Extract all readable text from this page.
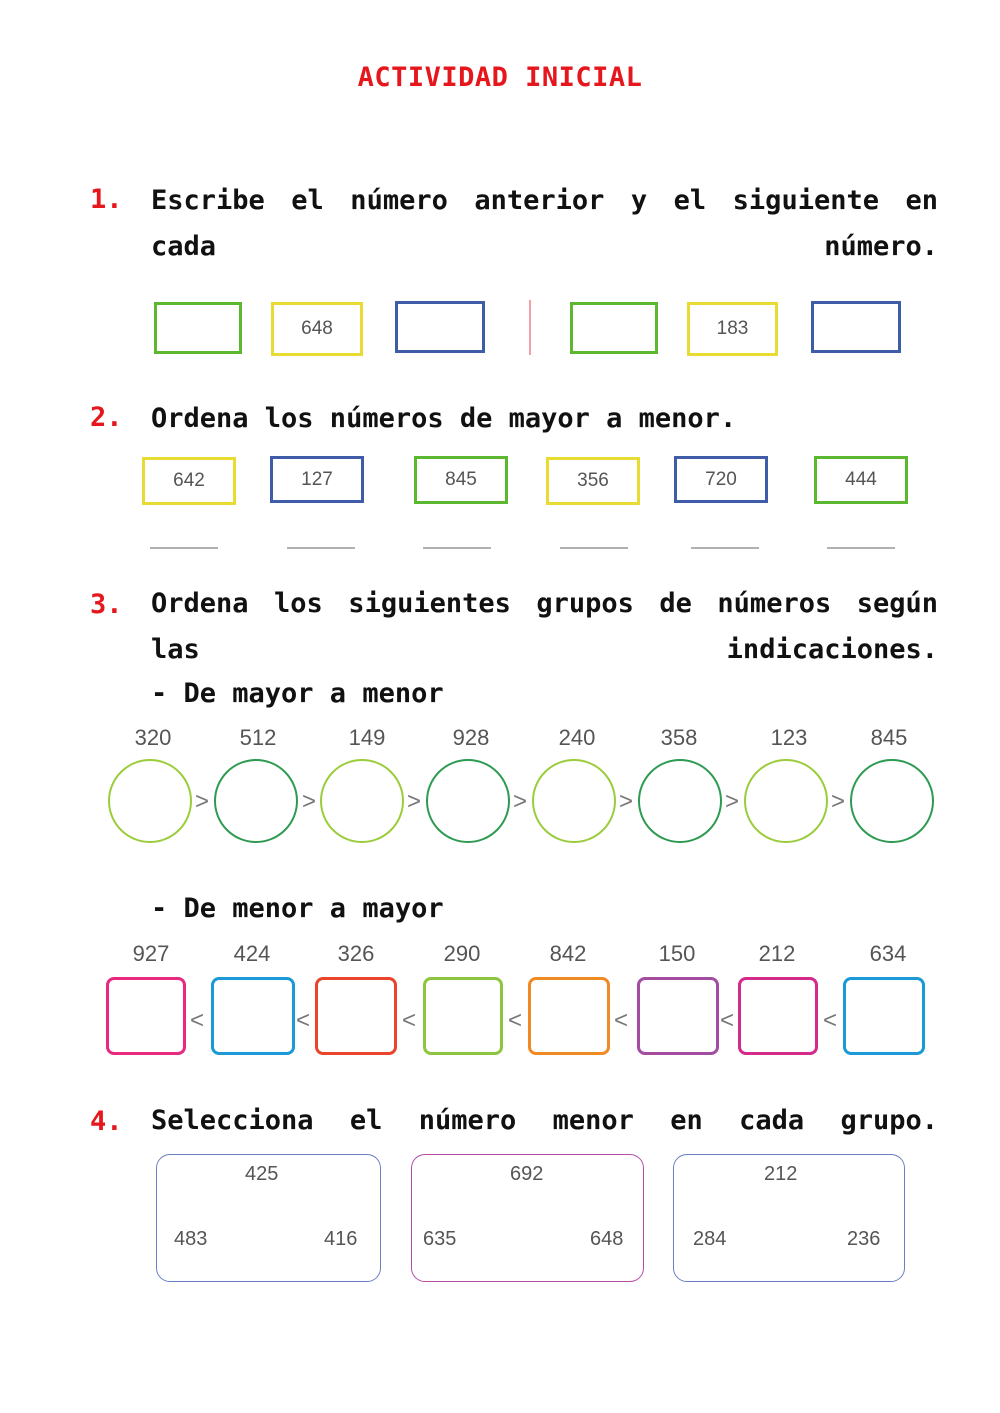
ACTIVIDAD INICIAL
1. Escribe el número anterior y el siguiente en cada número.
648	183
2. Ordena los números de mayor a menor.
642	127	845	356	720	444
3. Ordena los siguientes grupos de números según las indicaciones.
- De mayor a menor
320	512	149	928	240	358	123	845
>	>	>	>	>	>	>
- De menor a mayor
927	424	326	290	842	150	212	634
<	<	<	<	<	<	<
4. Selecciona el número menor en cada grupo.
425
483	416
692
635	648
212
284	236
